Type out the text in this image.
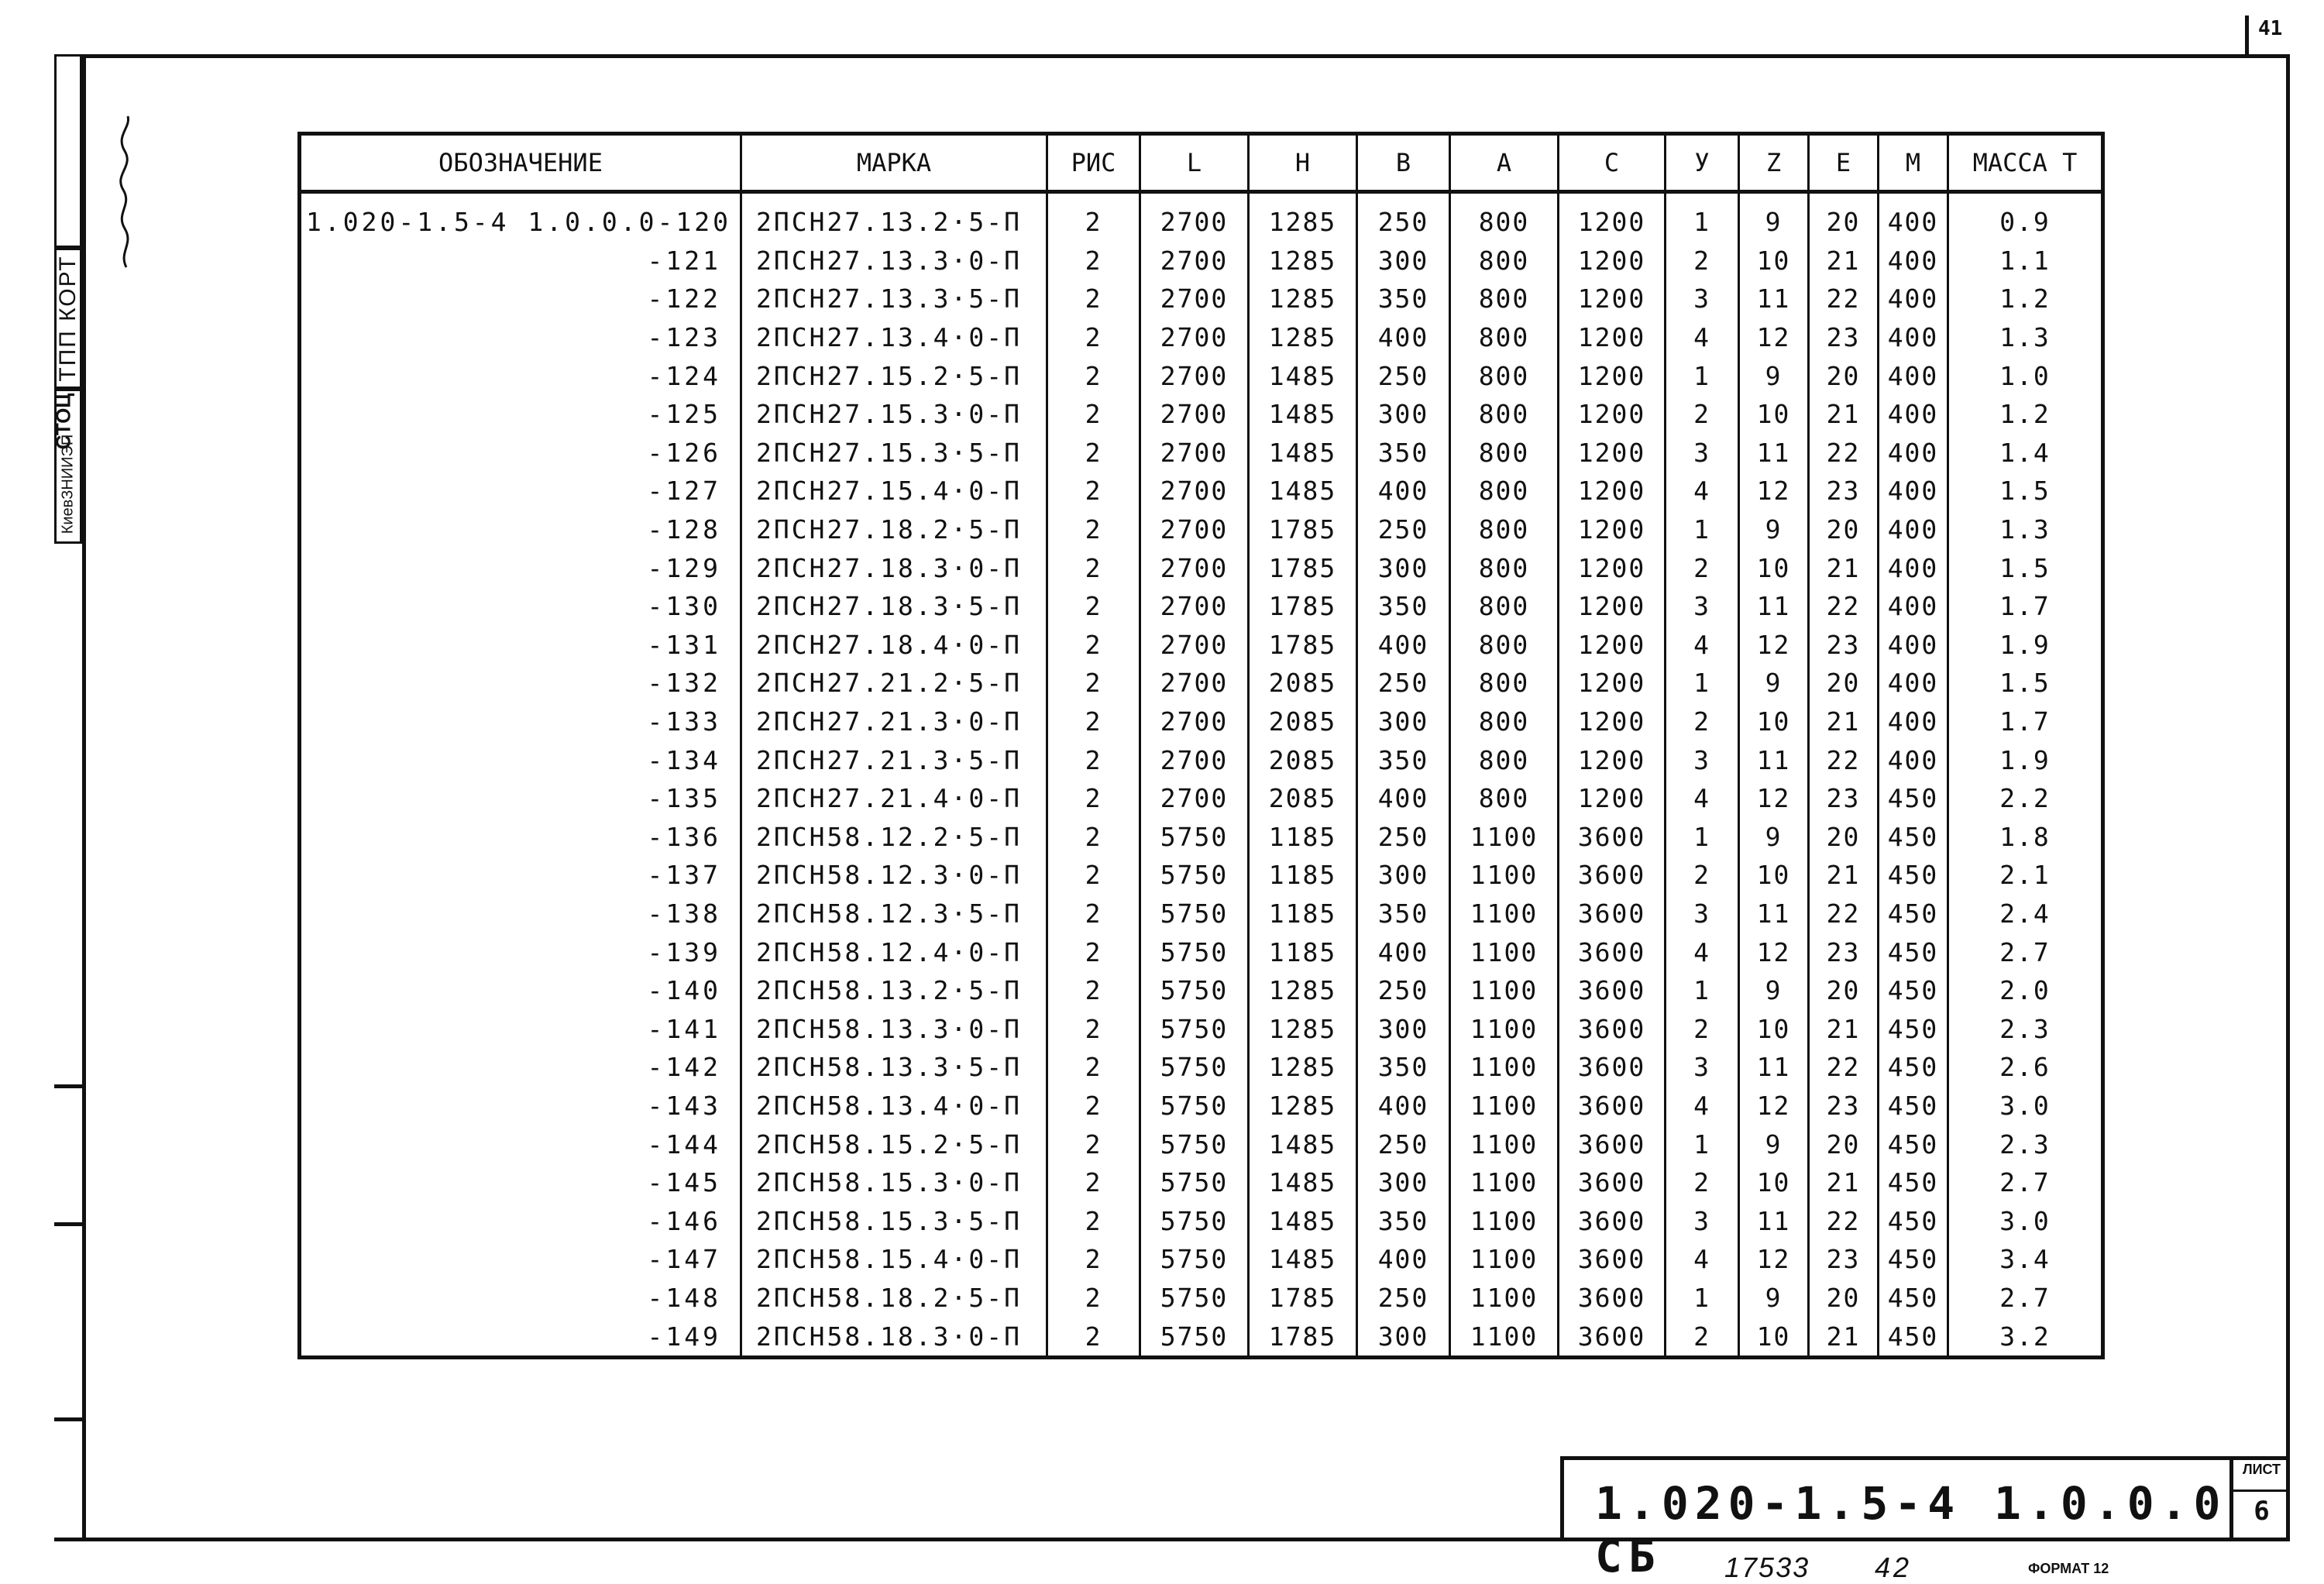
41
ТПП КОРТ
КиевЗНИИЭП
СТОЦ
ОБОЗНАЧЕНИЕ	МАРКА	РИС	L	H	B	A	C	У	Z	E	M	МАССА Т
1.020-1.5-4 1.0.0.0-120	2ПСН27.13.2·5-П	2	2700	1285	250	800	1200	1	9	20	400	0.9
-121	2ПСН27.13.3·0-П	2	2700	1285	300	800	1200	2	10	21	400	1.1
-122	2ПСН27.13.3·5-П	2	2700	1285	350	800	1200	3	11	22	400	1.2
-123	2ПСН27.13.4·0-П	2	2700	1285	400	800	1200	4	12	23	400	1.3
-124	2ПСН27.15.2·5-П	2	2700	1485	250	800	1200	1	9	20	400	1.0
-125	2ПСН27.15.3·0-П	2	2700	1485	300	800	1200	2	10	21	400	1.2
-126	2ПСН27.15.3·5-П	2	2700	1485	350	800	1200	3	11	22	400	1.4
-127	2ПСН27.15.4·0-П	2	2700	1485	400	800	1200	4	12	23	400	1.5
-128	2ПСН27.18.2·5-П	2	2700	1785	250	800	1200	1	9	20	400	1.3
-129	2ПСН27.18.3·0-П	2	2700	1785	300	800	1200	2	10	21	400	1.5
-130	2ПСН27.18.3·5-П	2	2700	1785	350	800	1200	3	11	22	400	1.7
-131	2ПСН27.18.4·0-П	2	2700	1785	400	800	1200	4	12	23	400	1.9
-132	2ПСН27.21.2·5-П	2	2700	2085	250	800	1200	1	9	20	400	1.5
-133	2ПСН27.21.3·0-П	2	2700	2085	300	800	1200	2	10	21	400	1.7
-134	2ПСН27.21.3·5-П	2	2700	2085	350	800	1200	3	11	22	400	1.9
-135	2ПСН27.21.4·0-П	2	2700	2085	400	800	1200	4	12	23	450	2.2
-136	2ПСН58.12.2·5-П	2	5750	1185	250	1100	3600	1	9	20	450	1.8
-137	2ПСН58.12.3·0-П	2	5750	1185	300	1100	3600	2	10	21	450	2.1
-138	2ПСН58.12.3·5-П	2	5750	1185	350	1100	3600	3	11	22	450	2.4
-139	2ПСН58.12.4·0-П	2	5750	1185	400	1100	3600	4	12	23	450	2.7
-140	2ПСН58.13.2·5-П	2	5750	1285	250	1100	3600	1	9	20	450	2.0
-141	2ПСН58.13.3·0-П	2	5750	1285	300	1100	3600	2	10	21	450	2.3
-142	2ПСН58.13.3·5-П	2	5750	1285	350	1100	3600	3	11	22	450	2.6
-143	2ПСН58.13.4·0-П	2	5750	1285	400	1100	3600	4	12	23	450	3.0
-144	2ПСН58.15.2·5-П	2	5750	1485	250	1100	3600	1	9	20	450	2.3
-145	2ПСН58.15.3·0-П	2	5750	1485	300	1100	3600	2	10	21	450	2.7
-146	2ПСН58.15.3·5-П	2	5750	1485	350	1100	3600	3	11	22	450	3.0
-147	2ПСН58.15.4·0-П	2	5750	1485	400	1100	3600	4	12	23	450	3.4
-148	2ПСН58.18.2·5-П	2	5750	1785	250	1100	3600	1	9	20	450	2.7
-149	2ПСН58.18.3·0-П	2	5750	1785	300	1100	3600	2	10	21	450	3.2
1.020-1.5-4 1.0.0.0 СБ
ЛИСТ
6
17533 42	ФОРМАТ 12
